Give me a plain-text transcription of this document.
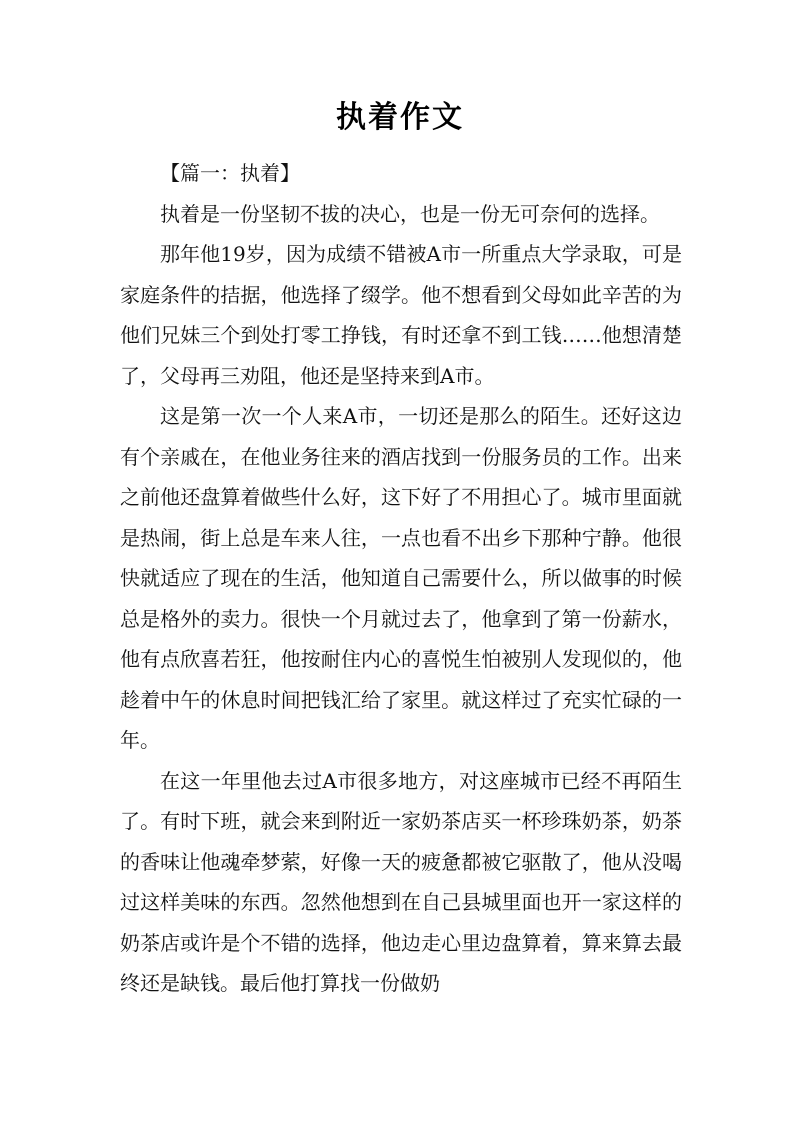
执着作文

【篇一：执着】

执着是一份坚韧不拔的决心，也是一份无可奈何的选择。

那年他19岁，因为成绩不错被A市一所重点大学录取，可是家庭条件的拮据，他选择了缀学。他不想看到父母如此辛苦的为他们兄妹三个到处打零工挣钱，有时还拿不到工钱……他想清楚了，父母再三劝阻，他还是坚持来到A市。

这是第一次一个人来A市，一切还是那么的陌生。还好这边有个亲戚在，在他业务往来的酒店找到一份服务员的工作。出来之前他还盘算着做些什么好，这下好了不用担心了。城市里面就是热闹，街上总是车来人往，一点也看不出乡下那种宁静。他很快就适应了现在的生活，他知道自己需要什么，所以做事的时候总是格外的卖力。很快一个月就过去了，他拿到了第一份薪水，他有点欣喜若狂，他按耐住内心的喜悦生怕被别人发现似的，他趁着中午的休息时间把钱汇给了家里。就这样过了充实忙碌的一年。

在这一年里他去过A市很多地方，对这座城市已经不再陌生了。有时下班，就会来到附近一家奶茶店买一杯珍珠奶茶，奶茶的香味让他魂牵梦萦，好像一天的疲惫都被它驱散了，他从没喝过这样美味的东西。忽然他想到在自己县城里面也开一家这样的奶茶店或许是个不错的选择，他边走心里边盘算着，算来算去最终还是缺钱。最后他打算找一份做奶
